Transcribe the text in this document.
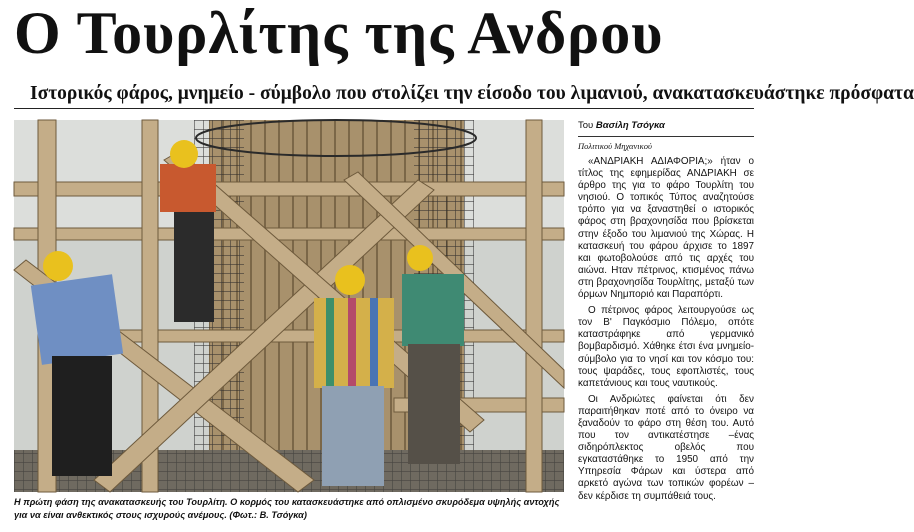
Ο Τουρλίτης της Ανδρου
Ιστορικός φάρος, μνημείο - σύμβολο που στολίζει την είσοδο του λιμανιού, ανακατασκευάστηκε πρόσφατα

Η πρώτη φάση της ανακατασκευής του Τουρλίτη. Ο κορμός του κατασκευάστηκε από οπλισμένο σκυρόδεμα υψηλής αντοχής για να είναι ανθεκτικός στους ισχυρούς ανέμους. (Φωτ.: Β. Τσόγκα)

Του Βασίλη Τσόγκα

Πολιτικού Μηχανικού

«ΑΝΔΡΙΑΚΗ ΑΔΙΑΦΟΡΙΑ;» ήταν ο τίτλος της εφημερίδας ΑΝΔΡΙΑΚΗ σε άρθρο της για το φάρο Τουρλίτη του νησιού. Ο τοπικός Τύπος αναζητούσε τρόπο για να ξαναστηθεί ο ιστορικός φάρος στη βραχονησίδα που βρίσκεται στην έξοδο του λιμανιού της Χώρας. Η κατασκευή του φάρου άρχισε το 1897 και φωτοβολούσε από τις αρχές του αιώνα. Ηταν πέτρινος, κτισμένος πάνω στη βραχονησίδα Τουρλίτης, μεταξύ των όρμων Νημποριό και Παραπόρτι.

Ο πέτρινος φάρος λειτουργούσε ως τον Β' Παγκόσμιο Πόλεμο, οπότε καταστράφηκε από γερμανικό βομβαρδισμό. Χάθηκε έτσι ένα μνημείο-σύμβολο για το νησί και τον κόσμο του: τους ψαράδες, τους εφοπλιστές, τους καπετάνιους και τους ναυτικούς.

Οι Ανδριώτες φαίνεται ότι δεν παραιτήθηκαν ποτέ από το όνειρο να ξαναδούν το φάρο στη θέση του. Αυτό που τον αντικατέστησε –ένας σιδηρόπλεκτος οβελός που εγκαταστάθηκε το 1950 από την Υπηρεσία Φάρων και ύστερα από αρκετό αγώνα των τοπικών φορέων – δεν κέρδισε τη συμπάθειά τους.
